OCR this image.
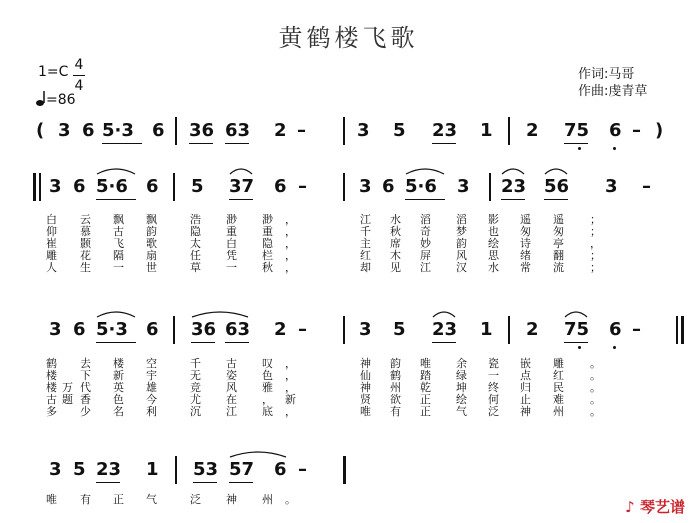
黄鹤楼飞歌
1=C 4
4
=86
作词:马哥
作曲:虔青草
( 3 6 5·3 6 36 63 2 –	3 5 23 1 2 75 6 – )
3 6 5·6 6 5 37 6 –	3 6 5·6 3 23 56 3 –
白 云 飘 飘	浩 渺 渺 ，	江 水 滔 滔 影 遥 遥 ；
仰 慕 古 韵	隐 重 重 ，	千 秋 奇 梦 也 匆 匆 ；
崔 颢 飞 歌	太 白 隐 ，	主 席 妙 韵 绘 诗 亭 ，
雕 花 隔 扇	任 凭 栏 ，	红 木 屏 风 思 绪 翻 ；
人 生 一 世	草 一 秋 ，	却 见 江 汉 水 常 流 ；
3 6 5·3 6 36 63 2 –	3 5 23 1 2 75 6 –
鹤 去 楼 空	千 古 叹 ，	神 韵 唯 余 瓷 嵌 雕 。
楼 下 新 宇	无 姿 色 ，	仙 鹤 踏 绿 一 点 红 。
楼 万 代 英 雄	竞 风 雅 ，	神 州 乾 坤 终 归 民 。
古 题 香 色 今	尤 在 ， 新	贤 欲 正 绘 何 止 难 。
多 少 名 利	沉 江 底 ，	唯 有 正 气 泛 神 州 。
3 5 23 1 53 57 6 –
唯 有 正 气	泛 神 州 。	♪ 琴艺谱
